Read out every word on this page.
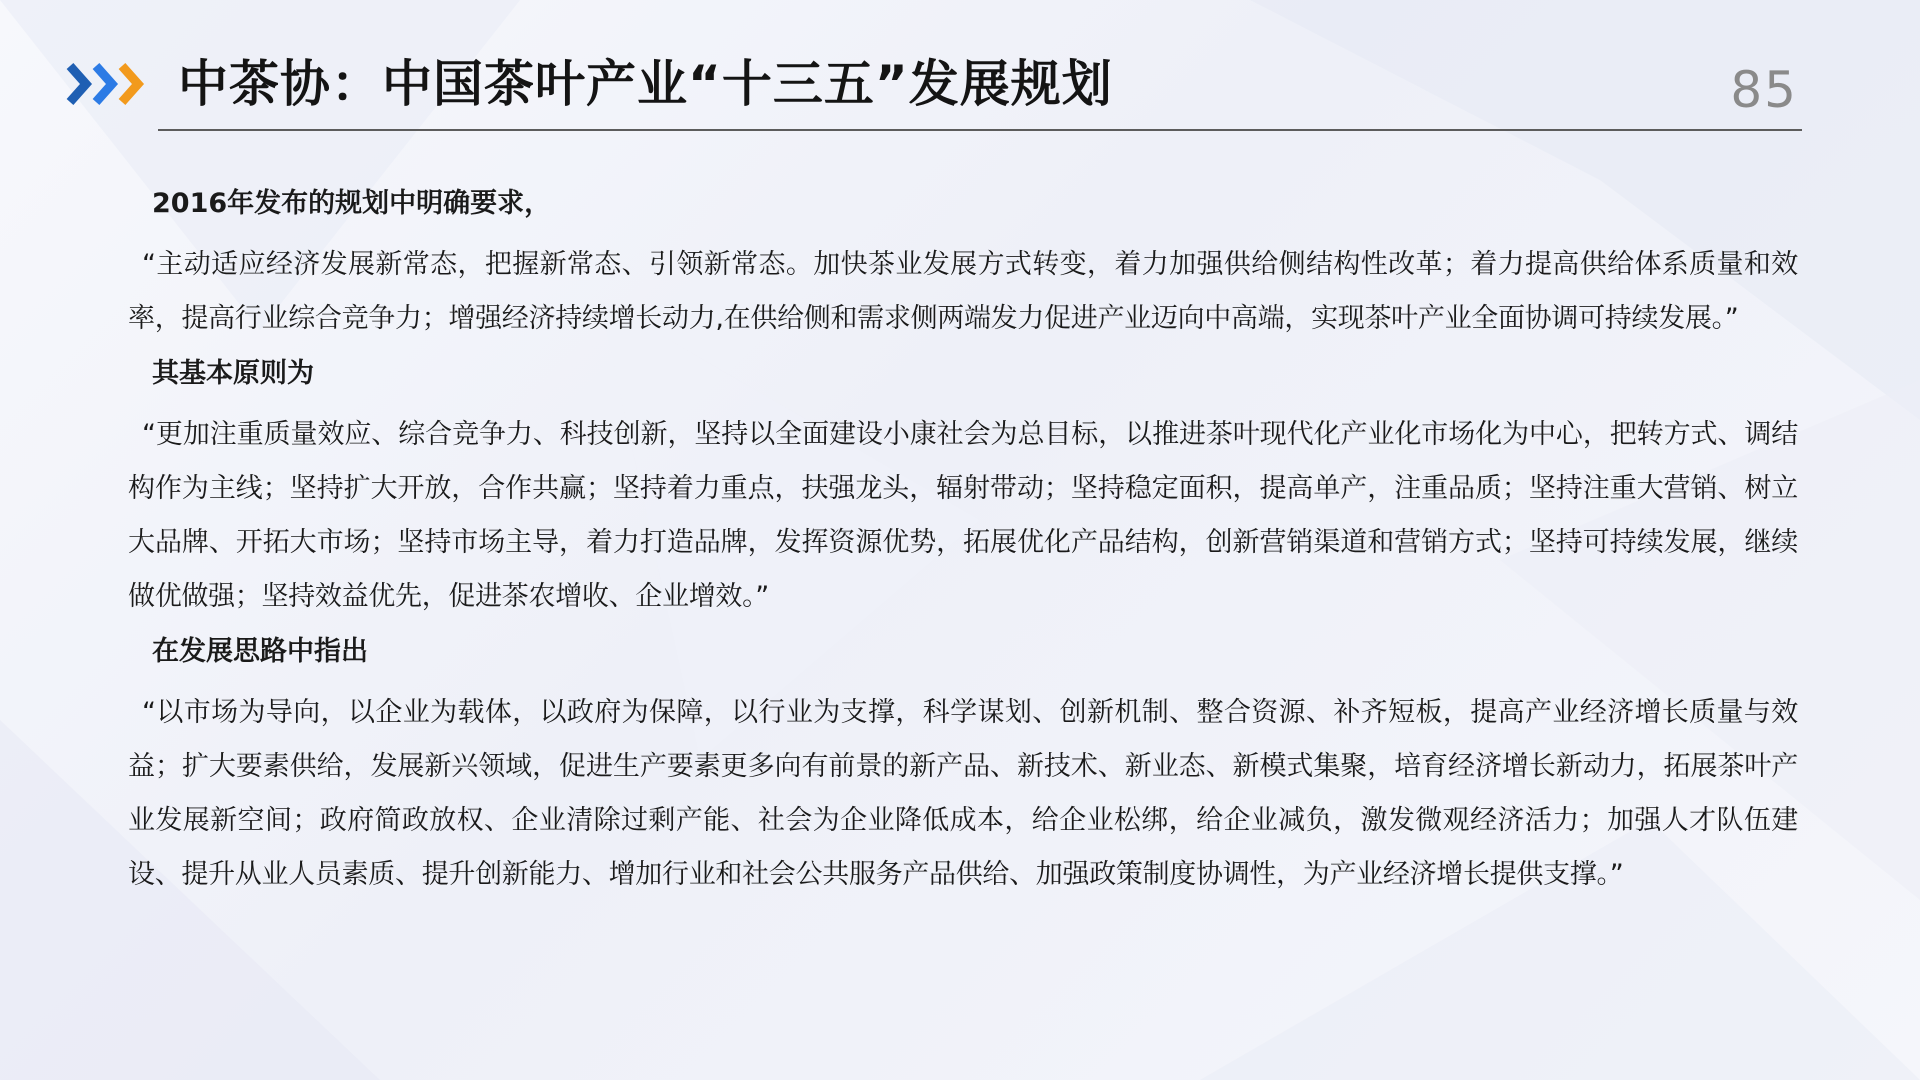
中茶协：中国茶叶产业“十三五”发展规划	85

2016年发布的规划中明确要求，

“主动适应经济发展新常态，把握新常态、引领新常态。加快茶业发展方式转变，着力加强供给侧结构性改革；着力提高供给体系质量和效率，提高行业综合竞争力；增强经济持续增长动力,在供给侧和需求侧两端发力促进产业迈向中高端，实现茶叶产业全面协调可持续发展。”

其基本原则为

“更加注重质量效应、综合竞争力、科技创新，坚持以全面建设小康社会为总目标，以推进茶叶现代化产业化市场化为中心，把转方式、调结构作为主线；坚持扩大开放，合作共赢；坚持着力重点，扶强龙头，辐射带动；坚持稳定面积，提高单产，注重品质；坚持注重大营销、树立大品牌、开拓大市场；坚持市场主导，着力打造品牌，发挥资源优势，拓展优化产品结构，创新营销渠道和营销方式；坚持可持续发展，继续做优做强；坚持效益优先，促进茶农增收、企业增效。”

在发展思路中指出

“以市场为导向，以企业为载体，以政府为保障，以行业为支撑，科学谋划、创新机制、整合资源、补齐短板，提高产业经济增长质量与效益；扩大要素供给，发展新兴领域，促进生产要素更多向有前景的新产品、新技术、新业态、新模式集聚，培育经济增长新动力，拓展茶叶产业发展新空间；政府简政放权、企业清除过剩产能、社会为企业降低成本，给企业松绑，给企业减负，激发微观经济活力；加强人才队伍建设、提升从业人员素质、提升创新能力、增加行业和社会公共服务产品供给、加强政策制度协调性，为产业经济增长提供支撑。”
